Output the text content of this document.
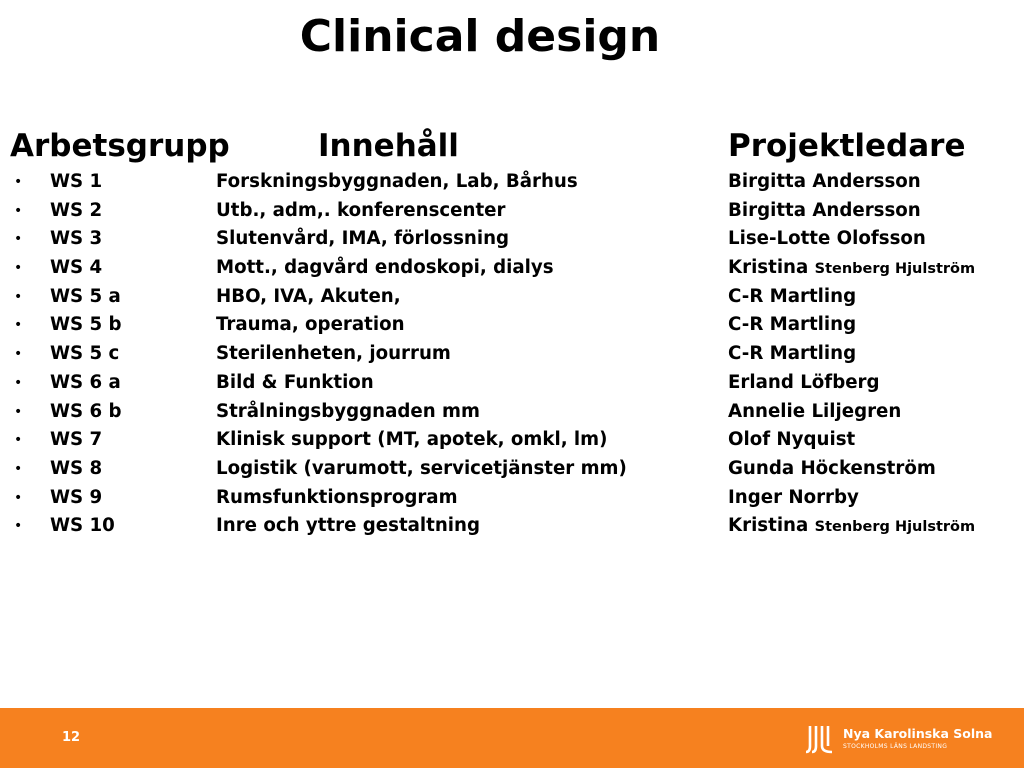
Clinical design
Arbetsgrupp	Innehåll	Projektledare
• WS 1	Forskningsbyggnaden, Lab, Bårhus	Birgitta Andersson
• WS 2	Utb., adm,. konferenscenter	Birgitta Andersson
• WS 3	Slutenvård, IMA, förlossning	Lise-Lotte Olofsson
• WS 4	Mott., dagvård endoskopi, dialys	Kristina Stenberg Hjulström
• WS 5 a	HBO, IVA, Akuten,	C-R Martling
• WS 5 b	Trauma, operation	C-R Martling
• WS 5 c	Sterilenheten, jourrum	C-R Martling
• WS 6 a	Bild & Funktion	Erland Löfberg
• WS 6 b	Strålningsbyggnaden mm	Annelie Liljegren
• WS 7	Klinisk support (MT, apotek, omkl, lm)	Olof Nyquist
• WS 8	Logistik (varumott, servicetjänster mm)	Gunda Höckenström
• WS 9	Rumsfunktionsprogram	Inger Norrby
• WS 10	Inre och yttre gestaltning	Kristina Stenberg Hjulström
12	Nya Karolinska Solna
STOCKHOLMS LÄNS LANDSTING
